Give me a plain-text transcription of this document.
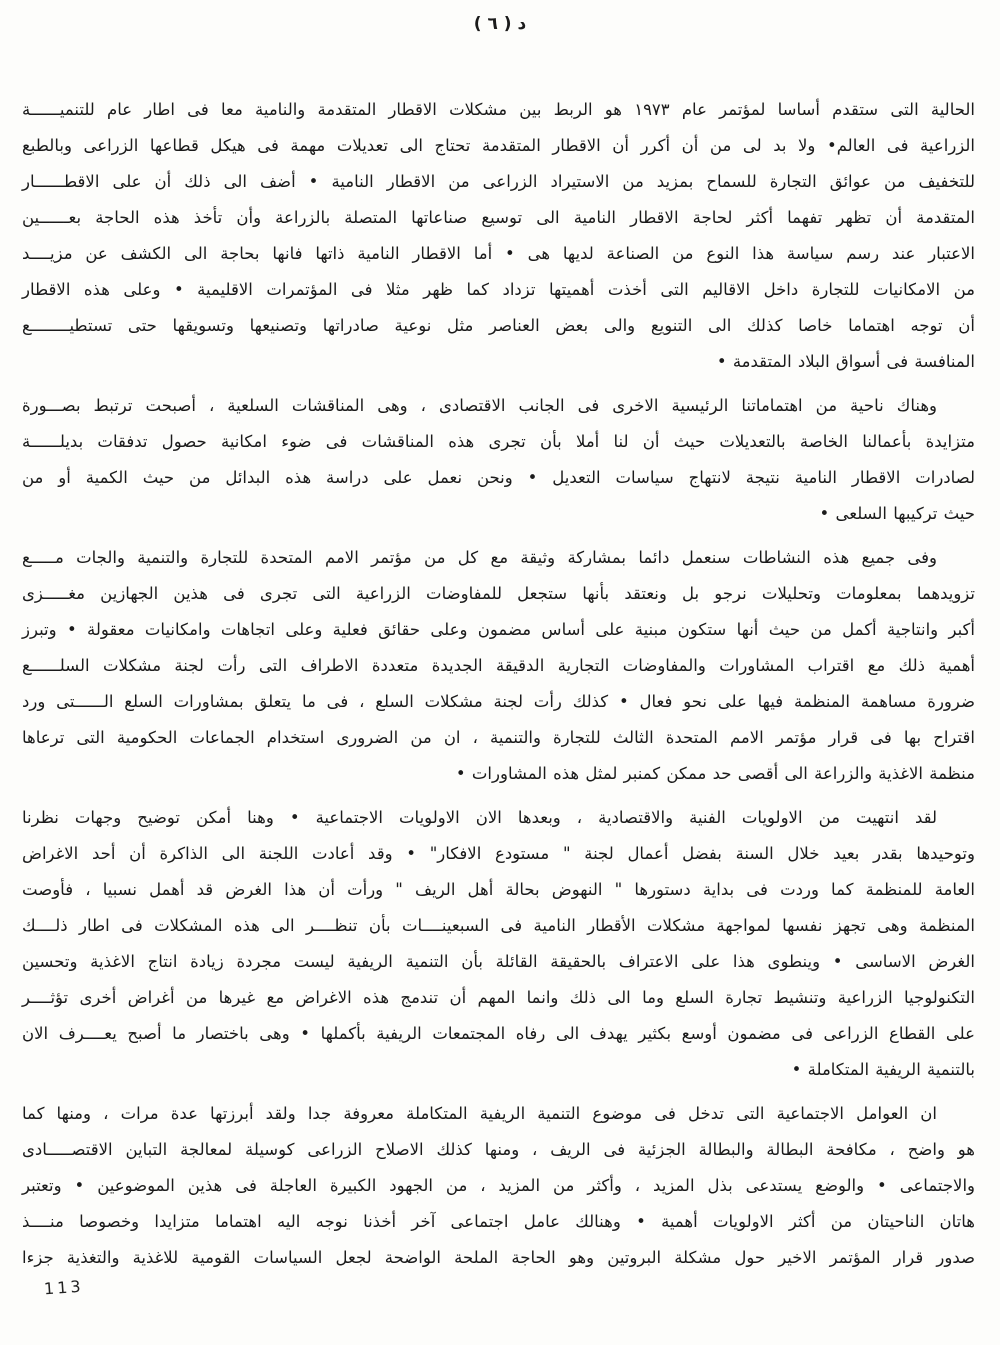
د ( ٦ )
الحالية التى ستقدم أساسا لمؤتمر عام ١٩٧٣ هو الربط بين مشكلات الاقطار المتقدمة والنامية معا فى اطار عام للتنميــــــة
الزراعية فى العالم• ولا بد لى من أن أكرر أن الاقطار المتقدمة تحتاج الى تعديلات مهمة فى هيكل قطاعها الزراعى وبالطبع
للتخفيف من عوائق التجارة للسماح بمزيد من الاستيراد الزراعى من الاقطار النامية • أضف الى ذلك أن على الاقطــــــار
المتقدمة أن تظهر تفهما أكثر لحاجة الاقطار النامية الى توسيع صناعاتها المتصلة بالزراعة وأن تأخذ هذه الحاجة بعــــــين
الاعتبار عند رسم سياسة هذا النوع من الصناعة لديها هى • أما الاقطار النامية ذاتها فانها بحاجة الى الكشف عن مزيــــد
من الامكانيات للتجارة داخل الاقاليم التى أخذت أهميتها تزداد كما ظهر مثلا فى المؤتمرات الاقليمية • وعلى هذه الاقطار
أن توجه اهتماما خاصا كذلك الى التنويع والى بعض العناصر مثل نوعية صادراتها وتصنيعها وتسويقها حتى تستطيــــــــع
المنافسة فى أسواق البلاد المتقدمة •
وهناك ناحية من اهتماماتنا الرئيسية الاخرى فى الجانب الاقتصادى ، وهى المناقشات السلعية ، أصبحت ترتبط بصـــورة
متزايدة بأعمالنا الخاصة بالتعديلات حيث أن لنا أملا بأن تجرى هذه المناقشات فى ضوء امكانية حصول تدفقات بديلــــــة
لصادرات الاقطار النامية نتيجة لانتهاج سياسات التعديل • ونحن نعمل على دراسة هذه البدائل من حيث الكمية أو من
حيث تركيبها السلعى •
وفى جميع هذه النشاطات سنعمل دائما بمشاركة وثيقة مع كل من مؤتمر الامم المتحدة للتجارة والتنمية والجات مـــــع
تزويدهما بمعلومات وتحليلات نرجو بل ونعتقد بأنها ستجعل للمفاوضات الزراعية التى تجرى فى هذين الجهازين مغـــــزى
أكبر وانتاجية أكمل من حيث أنها ستكون مبنية على أساس مضمون وعلى حقائق فعلية وعلى اتجاهات وامكانيات معقولة • وتبرز
أهمية ذلك مع اقتراب المشاورات والمفاوضات التجارية الدقيقة الجديدة متعددة الاطراف التى رأت لجنة مشكلات السلــــــع
ضرورة مساهمة المنظمة فيها على نحو فعال • كذلك رأت لجنة مشكلات السلع ، فى ما يتعلق بمشاورات السلع الــــــتى ورد
اقتراح بها فى قرار مؤتمر الامم المتحدة الثالث للتجارة والتنمية ، ان من الضرورى استخدام الجماعات الحكومية التى ترعاها
منظمة الاغذية والزراعة الى أقصى حد ممكن كمنبر لمثل هذه المشاورات •
لقد انتهيت من الاولويات الفنية والاقتصادية ، وبعدها الان الاولويات الاجتماعية • وهنا أمكن توضيح وجهات نظرنا
وتوحيدها بقدر بعيد خلال السنة بفضل أعمال لجنة " مستودع الافكار" • وقد أعادت اللجنة الى الذاكرة أن أحد الاغراض
العامة للمنظمة كما وردت فى بداية دستورها " النهوض بحالة أهل الريف " ورأت أن هذا الغرض قد أهمل نسبيا ، فأوصت
المنظمة وهى تجهز نفسها لمواجهة مشكلات الأقطار النامية فى السبعينــــات بأن تنظــــر الى هذه المشكلات فى اطار ذلــــك
الغرض الاساسى • وينطوى هذا على الاعتراف بالحقيقة القائلة بأن التنمية الريفية ليست مجردة زيادة انتاج الاغذية وتحسين
التكنولوجيا الزراعية وتنشيط تجارة السلع وما الى ذلك وانما المهم أن تندمج هذه الاغراض مع غيرها من أغراض أخرى تؤثــــر
على القطاع الزراعى فى مضمون أوسع بكثير يهدف الى رفاه المجتمعات الريفية بأكملها • وهى باختصار ما أصبح يعــــرف الان
بالتنمية الريفية المتكاملة •
ان العوامل الاجتماعية التى تدخل فى موضوع التنمية الريفية المتكاملة معروفة جدا ولقد أبرزتها عدة مرات ، ومنها كما
هو واضح ، مكافحة البطالة والبطالة الجزئية فى الريف ، ومنها كذلك الاصلاح الزراعى كوسيلة لمعالجة التباين الاقتصـــــادى
والاجتماعى • والوضع يستدعى بذل المزيد ، وأكثر من المزيد ، من الجهود الكبيرة العاجلة فى هذين الموضوعين • وتعتبر
هاتان الناحيتان من أكثر الاولويات أهمية • وهنالك عامل اجتماعى آخر أخذنا نوجه اليه اهتماما متزايدا وخصوصا منــــذ
صدور قرار المؤتمر الاخير حول مشكلة البروتين وهو الحاجة الملحة الواضحة لجعل السياسات القومية للاغذية والتغذية جزءا
113
